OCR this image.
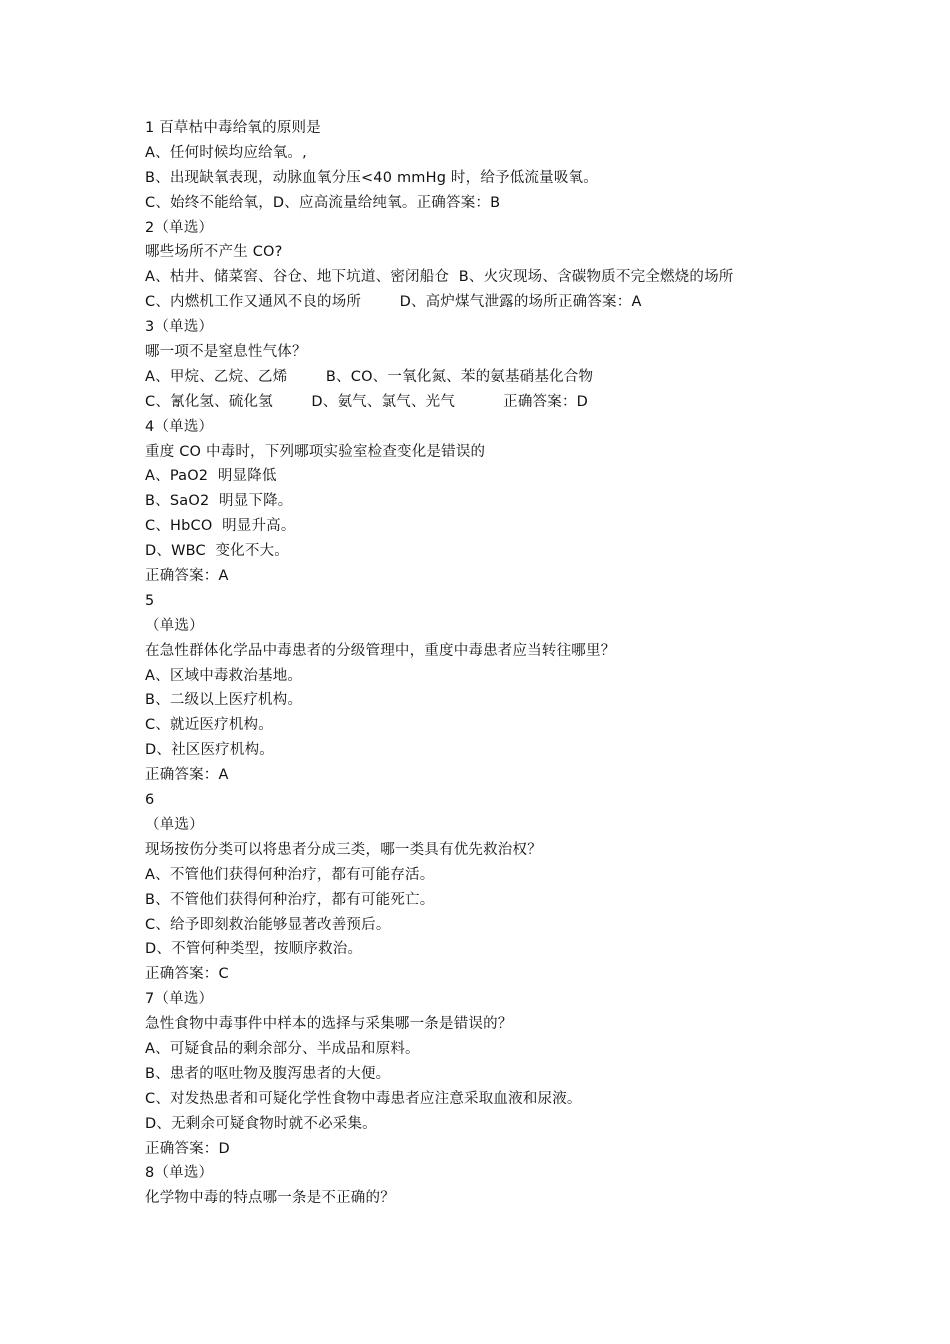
1 百草枯中毒给氧的原则是
A、任何时候均应给氧。,
B、出现缺氧表现，动脉血氧分压<40 mmHg 时，给予低流量吸氧。
C、始终不能给氧，D、应高流量给纯氧。正确答案：B
2（单选）
哪些场所不产生 CO?
A、枯井、储菜窖、谷仓、地下坑道、密闭船仓  B、火灾现场、含碳物质不完全燃烧的场所
C、内燃机工作又通风不良的场所        D、高炉煤气泄露的场所正确答案：A
3（单选）
哪一项不是窒息性气体？
A、甲烷、乙烷、乙烯        B、CO、一氧化氮、苯的氨基硝基化合物
C、氰化氢、硫化氢        D、氨气、氯气、光气          正确答案：D
4（单选）
重度 CO 中毒时，下列哪项实验室检查变化是错误的
A、PaO2  明显降低
B、SaO2  明显下降。
C、HbCO  明显升高。
D、WBC  变化不大。
正确答案：A
5
（单选）
在急性群体化学品中毒患者的分级管理中，重度中毒患者应当转往哪里？
A、区域中毒救治基地。
B、二级以上医疗机构。
C、就近医疗机构。
D、社区医疗机构。
正确答案：A
6
（单选）
现场按伤分类可以将患者分成三类，哪一类具有优先救治权？
A、不管他们获得何种治疗，都有可能存活。
B、不管他们获得何种治疗，都有可能死亡。
C、给予即刻救治能够显著改善预后。
D、不管何种类型，按顺序救治。
正确答案：C
7（单选）
急性食物中毒事件中样本的选择与采集哪一条是错误的？
A、可疑食品的剩余部分、半成品和原料。
B、患者的呕吐物及腹泻患者的大便。
C、对发热患者和可疑化学性食物中毒患者应注意采取血液和尿液。
D、无剩余可疑食物时就不必采集。
正确答案：D
8（单选）
化学物中毒的特点哪一条是不正确的？
